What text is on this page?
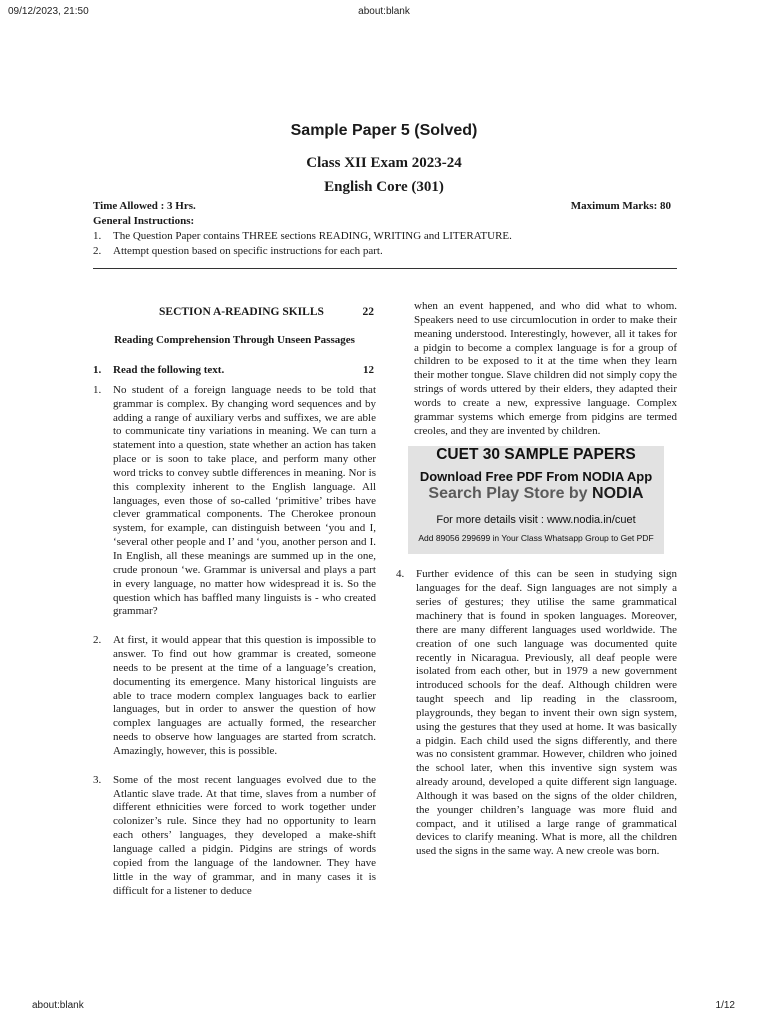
09/12/2023, 21:50	about:blank
Sample Paper 5 (Solved)
Class XII Exam 2023-24
English Core (301)
Time Allowed : 3 Hrs.	Maximum Marks: 80
General Instructions:
1. The Question Paper contains THREE sections READING, WRITING and LITERATURE.
2. Attempt question based on specific instructions for each part.
SECTION A-READING SKILLS	22
Reading Comprehension Through Unseen Passages
1. Read the following text.	12
1. No student of a foreign language needs to be told that grammar is complex. By changing word sequences and by adding a range of auxiliary verbs and suffixes, we are able to communicate tiny variations in meaning. We can turn a statement into a question, state whether an action has taken place or is soon to take place, and perform many other word tricks to convey subtle differences in meaning. Nor is this complexity inherent to the English language. All languages, even those of so-called ‘primitive’ tribes have clever grammatical components. The Cherokee pronoun system, for example, can distinguish between ‘you and I, ‘several other people and I’ and ‘you, another person and I. In English, all these meanings are summed up in the one, crude pronoun ‘we. Grammar is universal and plays a part in every language, no matter how widespread it is. So the question which has baffled many linguists is - who created grammar?
2. At first, it would appear that this question is impossible to answer. To find out how grammar is created, someone needs to be present at the time of a language’s creation, documenting its emergence. Many historical linguists are able to trace modern complex languages back to earlier languages, but in order to answer the question of how complex languages are actually formed, the researcher needs to observe how languages are started from scratch. Amazingly, however, this is possible.
3. Some of the most recent languages evolved due to the Atlantic slave trade. At that time, slaves from a number of different ethnicities were forced to work together under colonizer’s rule. Since they had no opportunity to learn each others’ languages, they developed a make-shift language called a pidgin. Pidgins are strings of words copied from the language of the landowner. They have little in the way of grammar, and in many cases it is difficult for a listener to deduce
when an event happened, and who did what to whom. Speakers need to use circumlocution in order to make their meaning understood. Interestingly, however, all it takes for a pidgin to become a complex language is for a group of children to be exposed to it at the time when they learn their mother tongue. Slave children did not simply copy the strings of words uttered by their elders, they adapted their words to create a new, expressive language. Complex grammar systems which emerge from pidgins are termed creoles, and they are invented by children.
CUET 30 SAMPLE PAPERS
Download Free PDF From NODIA App
Search Play Store by NODIA
For more details visit : www.nodia.in/cuet
Add 89056 299699 in Your Class Whatsapp Group to Get PDF
4. Further evidence of this can be seen in studying sign languages for the deaf. Sign languages are not simply a series of gestures; they utilise the same grammatical machinery that is found in spoken languages. Moreover, there are many different languages used worldwide. The creation of one such language was documented quite recently in Nicaragua. Previously, all deaf people were isolated from each other, but in 1979 a new government introduced schools for the deaf. Although children were taught speech and lip reading in the classroom, playgrounds, they began to invent their own sign system, using the gestures that they used at home. It was basically a pidgin. Each child used the signs differently, and there was no consistent grammar. However, children who joined the school later, when this inventive sign system was already around, developed a quite different sign language. Although it was based on the signs of the older children, the younger children’s language was more fluid and compact, and it utilised a large range of grammatical devices to clarify meaning. What is more, all the children used the signs in the same way. A new creole was born.
about:blank	1/12
